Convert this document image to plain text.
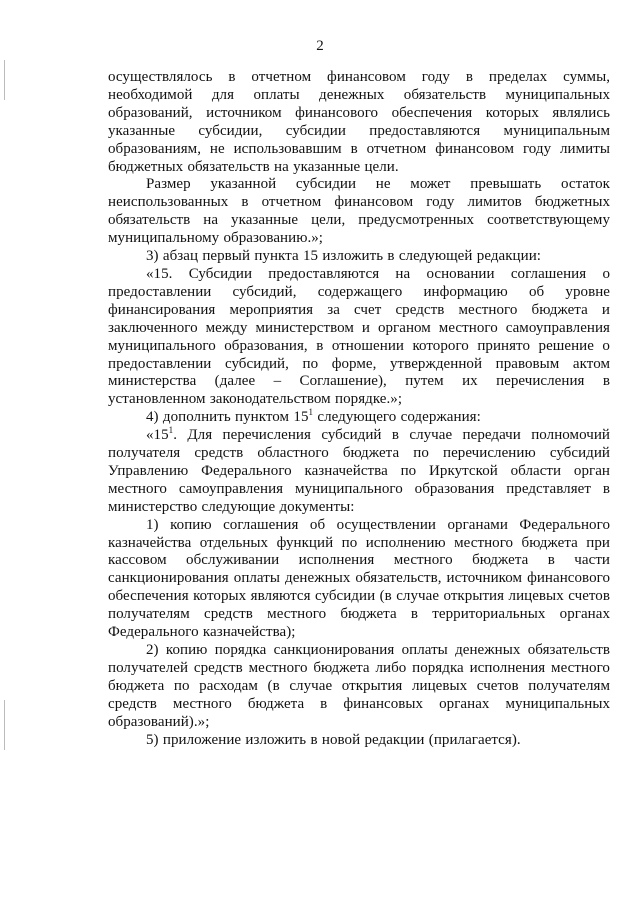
2

осуществлялось в отчетном финансовом году в пределах суммы, необходимой для оплаты денежных обязательств муниципальных образований, источником финансового обеспечения которых являлись указанные субсидии, субсидии предоставляются муниципальным образованиям, не использовавшим в отчетном финансовом году лимиты бюджетных обязательств на указанные цели.

Размер указанной субсидии не может превышать остаток неиспользованных в отчетном финансовом году лимитов бюджетных обязательств на указанные цели, предусмотренных соответствующему муниципальному образованию.»;

3) абзац первый пункта 15 изложить в следующей редакции:

«15. Субсидии предоставляются на основании соглашения о предоставлении субсидий, содержащего информацию об уровне финансирования мероприятия за счет средств местного бюджета и заключенного между министерством и органом местного самоуправления муниципального образования, в отношении которого принято решение о предоставлении субсидий, по форме, утвержденной правовым актом министерства (далее – Соглашение), путем их перечисления в установленном законодательством порядке.»;

4) дополнить пунктом $15^1$ следующего содержания:

«$15^1$. Для перечисления субсидий в случае передачи полномочий получателя средств областного бюджета по перечислению субсидий Управлению Федерального казначейства по Иркутской области орган местного самоуправления муниципального образования представляет в министерство следующие документы:

1) копию соглашения об осуществлении органами Федерального казначейства отдельных функций по исполнению местного бюджета при кассовом обслуживании исполнения местного бюджета в части санкционирования оплаты денежных обязательств, источником финансового обеспечения которых являются субсидии (в случае открытия лицевых счетов получателям средств местного бюджета в территориальных органах Федерального казначейства);

2) копию порядка санкционирования оплаты денежных обязательств получателей средств местного бюджета либо порядка исполнения местного бюджета по расходам (в случае открытия лицевых счетов получателям средств местного бюджета в финансовых органах муниципальных образований).»;

5) приложение изложить в новой редакции (прилагается).
